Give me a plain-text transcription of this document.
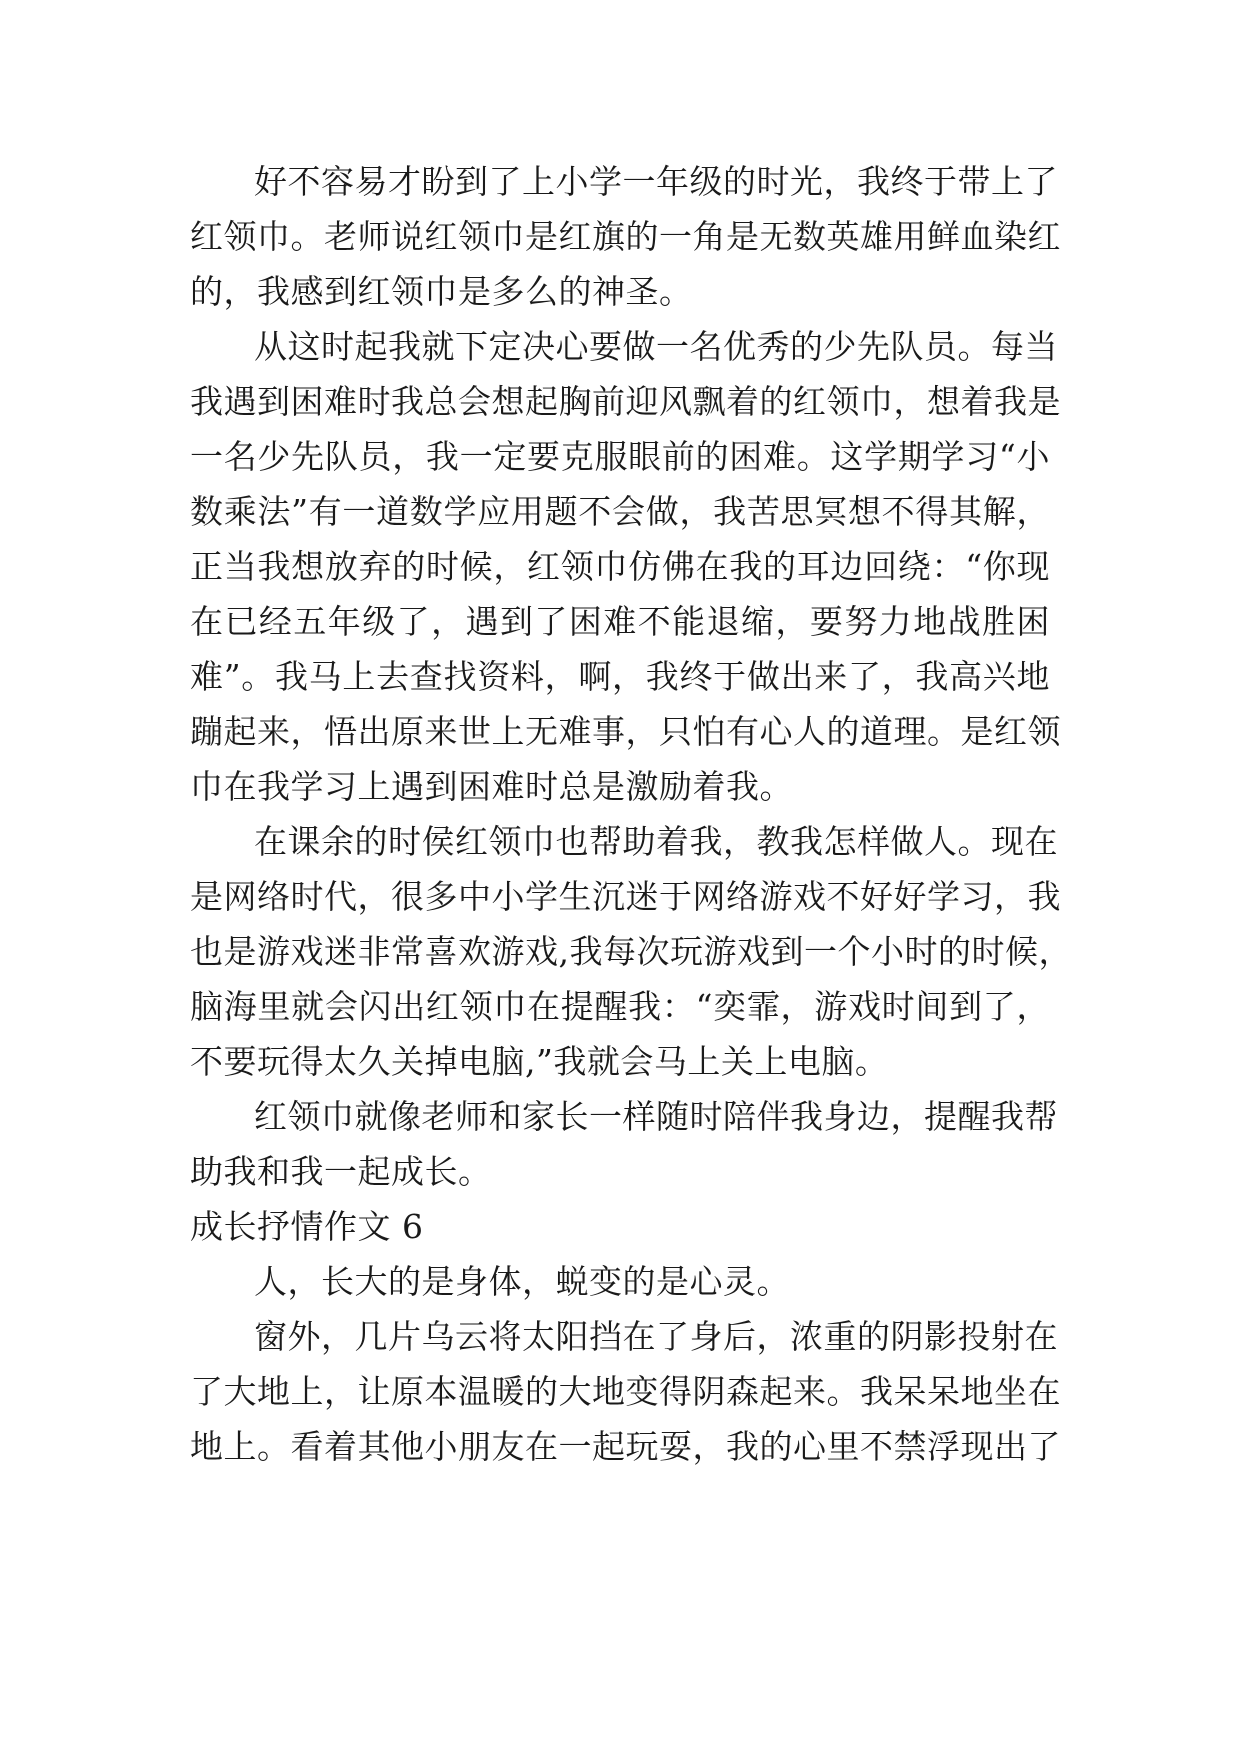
好不容易才盼到了上小学一年级的时光，我终于带上了
红领巾。老师说红领巾是红旗的一角是无数英雄用鲜血染红
的，我感到红领巾是多么的神圣。
从这时起我就下定决心要做一名优秀的少先队员。每当
我遇到困难时我总会想起胸前迎风飘着的红领巾，想着我是
一名少先队员，我一定要克服眼前的困难。这学期学习“小
数乘法”有一道数学应用题不会做，我苦思冥想不得其解，
正当我想放弃的时候，红领巾仿佛在我的耳边回绕：“你现
在已经五年级了，遇到了困难不能退缩，要努力地战胜困
难”。我马上去查找资料，啊，我终于做出来了，我高兴地
蹦起来，悟出原来世上无难事，只怕有心人的道理。是红领
巾在我学习上遇到困难时总是激励着我。
在课余的时侯红领巾也帮助着我，教我怎样做人。现在
是网络时代，很多中小学生沉迷于网络游戏不好好学习，我
也是游戏迷非常喜欢游戏,我每次玩游戏到一个小时的时候，
脑海里就会闪出红领巾在提醒我：“奕霏，游戏时间到了，
不要玩得太久关掉电脑,”我就会马上关上电脑。
红领巾就像老师和家长一样随时陪伴我身边，提醒我帮
助我和我一起成长。
成长抒情作文 6
人，长大的是身体，蜕变的是心灵。
窗外，几片乌云将太阳挡在了身后，浓重的阴影投射在
了大地上，让原本温暖的大地变得阴森起来。我呆呆地坐在
地上。看着其他小朋友在一起玩耍，我的心里不禁浮现出了
